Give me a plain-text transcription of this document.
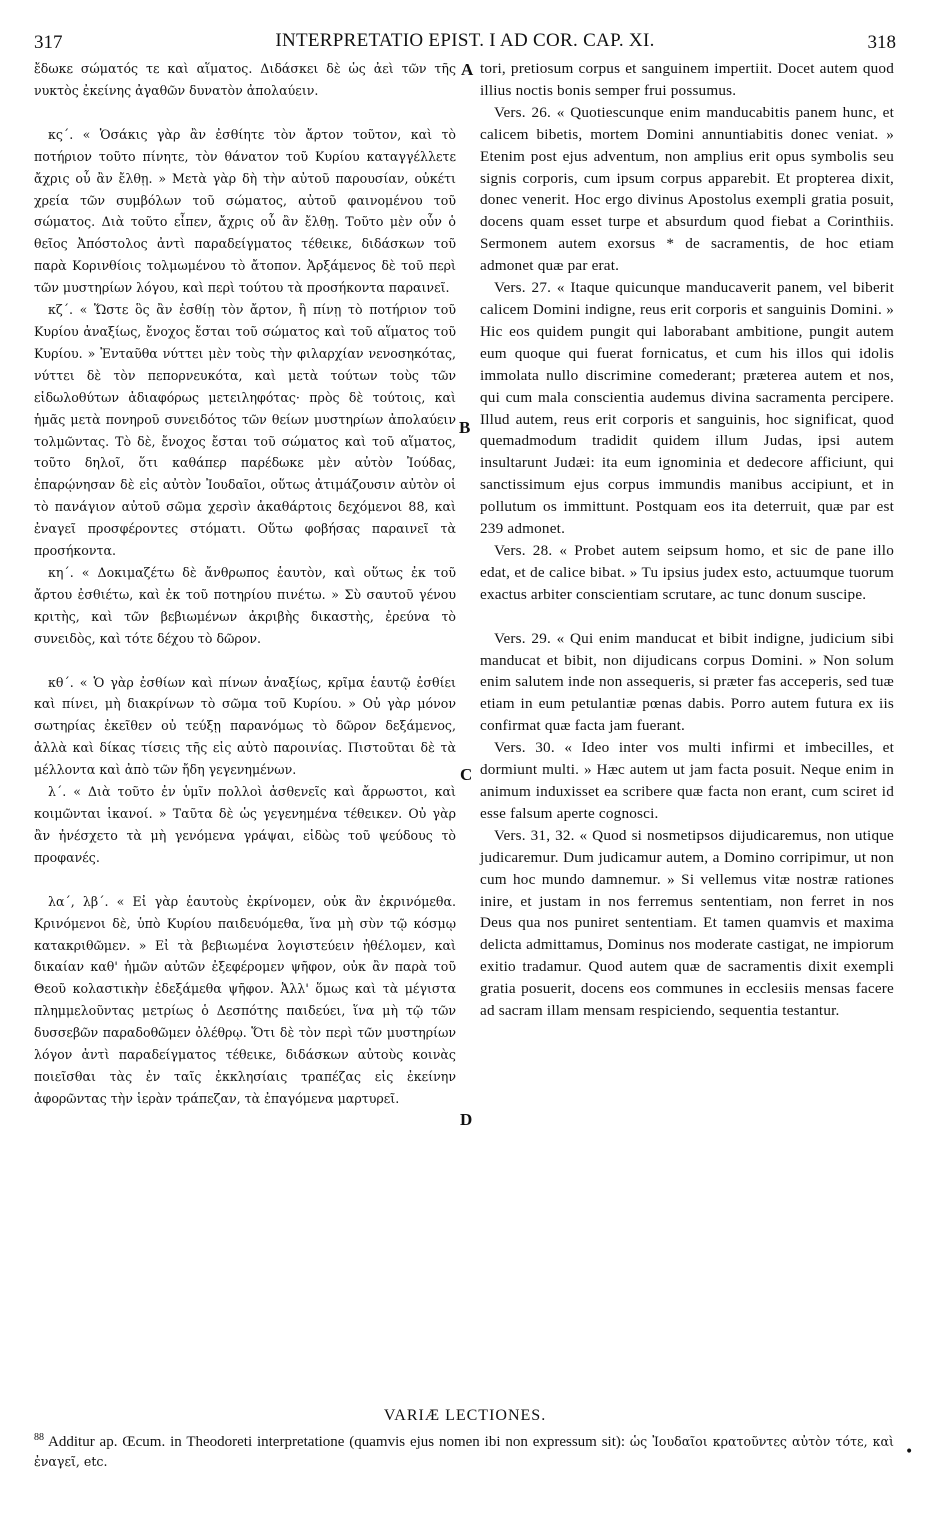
317	INTERPRETATIO EPIST. I AD COR. CAP. XI.	318

ἔδωκε σώματός τε καὶ αἵματος. Διδάσκει δὲ ὡς ἀεὶ τῶν τῆς νυκτὸς ἐκείνης ἀγαθῶν δυνατὸν ἀπολαύειν.

κς΄. « Ὁσάκις γὰρ ἂν ἐσθίητε τὸν ἄρτον τοῦτον, καὶ τὸ ποτήριον τοῦτο πίνητε, τὸν θάνατον τοῦ Κυρίου καταγγέλλετε ἄχρις οὗ ἂν ἔλθῃ. » Μετὰ γὰρ δὴ τὴν αὐτοῦ παρουσίαν, οὐκέτι χρεία τῶν συμβόλων τοῦ σώματος, αὐτοῦ φαινομένου τοῦ σώματος. Διὰ τοῦτο εἶπεν, ἄχρις οὗ ἂν ἔλθῃ. Τοῦτο μὲν οὖν ὁ θεῖος Ἀπόστολος ἀντὶ παραδείγματος τέθεικε, διδάσκων τοῦ παρὰ Κορινθίοις τολμωμένου τὸ ἄτοπον. Ἀρξάμενος δὲ τοῦ περὶ τῶν μυστηρίων λόγου, καὶ περὶ τούτου τὰ προσήκοντα παραινεῖ.

κζ΄. « Ὥστε ὃς ἂν ἐσθίῃ τὸν ἄρτον, ἢ πίνῃ τὸ ποτήριον τοῦ Κυρίου ἀναξίως, ἔνοχος ἔσται τοῦ σώματος καὶ τοῦ αἵματος τοῦ Κυρίου. » Ἐνταῦθα νύττει μὲν τοὺς τὴν φιλαρχίαν νενοσηκότας, νύττει δὲ τὸν πεπορνευκότα, καὶ μετὰ τούτων τοὺς τῶν εἰδωλοθύτων ἀδιαφόρως μετειληφότας· πρὸς δὲ τούτοις, καὶ ἡμᾶς μετὰ πονηροῦ συνειδότος τῶν θείων μυστηρίων ἀπολαύειν τολμῶντας. Τὸ δὲ, ἔνοχος ἔσται τοῦ σώματος καὶ τοῦ αἵματος, τοῦτο δηλοῖ, ὅτι καθάπερ παρέδωκε μὲν αὐτὸν Ἰούδας, ἐπαρῴνησαν δὲ εἰς αὐτὸν Ἰουδαῖοι, οὕτως ἀτιμάζουσιν αὐτὸν οἱ τὸ πανάγιον αὐτοῦ σῶμα χερσὶν ἀκαθάρτοις δεχόμενοι 88, καὶ ἐναγεῖ προσφέροντες στόματι. Οὕτω φοβήσας παραινεῖ τὰ προσήκοντα.

κη΄. « Δοκιμαζέτω δὲ ἄνθρωπος ἑαυτὸν, καὶ οὕτως ἐκ τοῦ ἄρτου ἐσθιέτω, καὶ ἐκ τοῦ ποτηρίου πινέτω. » Σὺ σαυτοῦ γένου κριτὴς, καὶ τῶν βεβιωμένων ἀκριβὴς δικαστὴς, ἐρεύνα τὸ συνειδὸς, καὶ τότε δέχου τὸ δῶρον.

κθ΄. « Ὁ γὰρ ἐσθίων καὶ πίνων ἀναξίως, κρῖμα ἑαυτῷ ἐσθίει καὶ πίνει, μὴ διακρίνων τὸ σῶμα τοῦ Κυρίου. » Οὐ γὰρ μόνον σωτηρίας ἐκεῖθεν οὐ τεύξῃ παρανόμως τὸ δῶρον δεξάμενος, ἀλλὰ καὶ δίκας τίσεις τῆς εἰς αὐτὸ παροινίας. Πιστοῦται δὲ τὰ μέλλοντα καὶ ἀπὸ τῶν ἤδη γεγενημένων.

λ΄. « Διὰ τοῦτο ἐν ὑμῖν πολλοὶ ἀσθενεῖς καὶ ἄρρωστοι, καὶ κοιμῶνται ἱκανοί. » Ταῦτα δὲ ὡς γεγενημένα τέθεικεν. Οὐ γὰρ ἂν ἠνέσχετο τὰ μὴ γενόμενα γράψαι, εἰδὼς τοῦ ψεύδους τὸ προφανές.

λα΄, λβ΄. « Εἰ γὰρ ἑαυτοὺς ἐκρίνομεν, οὐκ ἂν ἐκρινόμεθα. Κρινόμενοι δὲ, ὑπὸ Κυρίου παιδευόμεθα, ἵνα μὴ σὺν τῷ κόσμῳ κατακριθῶμεν. » Εἰ τὰ βεβιωμένα λογιστεύειν ἠθέλομεν, καὶ δικαίαν καθ' ἡμῶν αὐτῶν ἐξεφέρομεν ψῆφον, οὐκ ἂν παρὰ τοῦ Θεοῦ κολαστικὴν ἐδεξάμεθα ψῆφον. Ἀλλ' ὅμως καὶ τὰ μέγιστα πλημμελοῦντας μετρίως ὁ Δεσπότης παιδεύει, ἵνα μὴ τῷ τῶν δυσσεβῶν παραδοθῶμεν ὀλέθρῳ. Ὅτι δὲ τὸν περὶ τῶν μυστηρίων λόγον ἀντὶ παραδείγματος τέθεικε, διδάσκων αὐτοὺς κοινὰς ποιεῖσθαι τὰς ἐν ταῖς ἐκκλησίαις τραπέζας εἰς ἐκείνην ἀφορῶντας τὴν ἱερὰν τράπεζαν, τὰ ἐπαγόμενα μαρτυρεῖ.

A
B
C
D

tori, pretiosum corpus et sanguinem impertiit. Docet autem quod illius noctis bonis semper frui possumus.

Vers. 26. « Quotiescunque enim manducabitis panem hunc, et calicem bibetis, mortem Domini annuntiabitis donec veniat. » Etenim post ejus adventum, non amplius erit opus symbolis seu signis corporis, cum ipsum corpus apparebit. Et propterea dixit, donec venerit. Hoc ergo divinus Apostolus exempli gratia posuit, docens quam esset turpe et absurdum quod fiebat a Corinthiis. Sermonem autem exorsus * de sacramentis, de hoc etiam admonet quæ par erat.

Vers. 27. « Itaque quicunque manducaverit panem, vel biberit calicem Domini indigne, reus erit corporis et sanguinis Domini. » Hic eos quidem pungit qui laborabant ambitione, pungit autem eum quoque qui fuerat fornicatus, et cum his illos qui idolis immolata nullo discrimine comederant; præterea autem et nos, qui cum mala conscientia audemus divina sacramenta percipere. Illud autem, reus erit corporis et sanguinis, hoc significat, quod quemadmodum tradidit quidem illum Judas, ipsi autem insultarunt Judæi: ita eum ignominia et dedecore afficiunt, qui sanctissimum ejus corpus immundis manibus accipiunt, et in pollutum os immittunt. Postquam eos ita deterruit, quæ par est 239 admonet.

Vers. 28. « Probet autem seipsum homo, et sic de pane illo edat, et de calice bibat. » Tu ipsius judex esto, actuumque tuorum exactus arbiter conscientiam scrutare, ac tunc donum suscipe.

Vers. 29. « Qui enim manducat et bibit indigne, judicium sibi manducat et bibit, non dijudicans corpus Domini. » Non solum enim salutem inde non assequeris, si præter fas acceperis, sed tuæ etiam in eum petulantiæ pœnas dabis. Porro autem futura ex iis confirmat quæ facta jam fuerant.

Vers. 30. « Ideo inter vos multi infirmi et imbecilles, et dormiunt multi. » Hæc autem ut jam facta posuit. Neque enim in animum induxisset ea scribere quæ facta non erant, cum sciret id esse falsum aperte cognosci.

Vers. 31, 32. « Quod si nosmetipsos dijudicaremus, non utique judicaremur. Dum judicamur autem, a Domino corripimur, ut non cum hoc mundo damnemur. » Si vellemus vitæ nostræ rationes inire, et justam in nos ferremus sententiam, non ferret in nos Deus qua nos puniret sententiam. Et tamen quamvis et maxima delicta admittamus, Dominus nos moderate castigat, ne impiorum exitio tradamur. Quod autem quæ de sacramentis dixit exempli gratia posuerit, docens eos communes in ecclesiis mensas facere ad sacram illam mensam respiciendo, sequentia testantur.

VARIÆ LECTIONES.
$^{88}$ Additur ap. Œcum. in Theodoreti interpretatione (quamvis ejus nomen ibi non expressum sit): ὡς Ἰουδαῖοι κρατοῦντες αὐτὸν τότε, καὶ ἐναγεῖ, etc.
•
